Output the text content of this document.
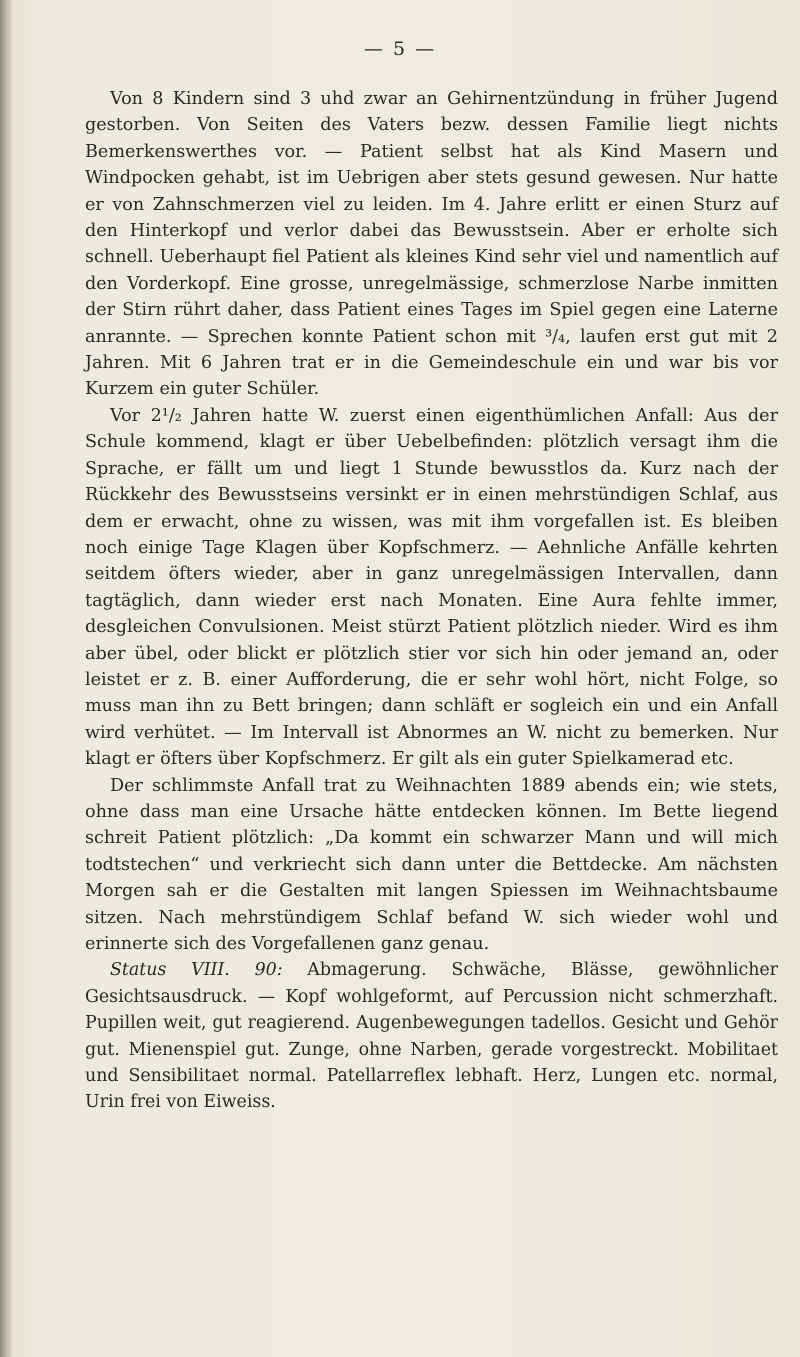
— 5 —

Von 8 Kindern sind 3 uhd zwar an Gehirnentzündung in früher Jugend gestorben. Von Seiten des Vaters bezw. dessen Familie liegt nichts Bemerkenswerthes vor. — Patient selbst hat als Kind Masern und Windpocken gehabt, ist im Uebrigen aber stets gesund gewesen. Nur hatte er von Zahnschmerzen viel zu leiden. Im 4. Jahre erlitt er einen Sturz auf den Hinterkopf und verlor dabei das Bewusstsein. Aber er erholte sich schnell. Ueberhaupt fiel Patient als kleines Kind sehr viel und namentlich auf den Vorderkopf. Eine grosse, unregelmässige, schmerzlose Narbe inmitten der Stirn rührt daher, dass Patient eines Tages im Spiel gegen eine Laterne anrannte. — Sprechen konnte Patient schon mit ³/₄, laufen erst gut mit 2 Jahren. Mit 6 Jahren trat er in die Gemeindeschule ein und war bis vor Kurzem ein guter Schüler.

Vor 2¹/₂ Jahren hatte W. zuerst einen eigenthümlichen Anfall: Aus der Schule kommend, klagt er über Uebelbefinden: plötzlich versagt ihm die Sprache, er fällt um und liegt 1 Stunde bewusstlos da. Kurz nach der Rückkehr des Bewusstseins versinkt er in einen mehrstündigen Schlaf, aus dem er erwacht, ohne zu wissen, was mit ihm vorgefallen ist. Es bleiben noch einige Tage Klagen über Kopfschmerz. — Aehnliche Anfälle kehrten seitdem öfters wieder, aber in ganz unregelmässigen Intervallen, dann tagtäglich, dann wieder erst nach Monaten. Eine Aura fehlte immer, desgleichen Convulsionen. Meist stürzt Patient plötzlich nieder. Wird es ihm aber übel, oder blickt er plötzlich stier vor sich hin oder jemand an, oder leistet er z. B. einer Aufforderung, die er sehr wohl hört, nicht Folge, so muss man ihn zu Bett bringen; dann schläft er sogleich ein und ein Anfall wird verhütet. — Im Intervall ist Abnormes an W. nicht zu bemerken. Nur klagt er öfters über Kopfschmerz. Er gilt als ein guter Spielkamerad etc.

Der schlimmste Anfall trat zu Weihnachten 1889 abends ein; wie stets, ohne dass man eine Ursache hätte entdecken können. Im Bette liegend schreit Patient plötzlich: „Da kommt ein schwarzer Mann und will mich todtstechen“ und verkriecht sich dann unter die Bettdecke. Am nächsten Morgen sah er die Gestalten mit langen Spiessen im Weihnachtsbaume sitzen. Nach mehrstündigem Schlaf befand W. sich wieder wohl und erinnerte sich des Vorgefallenen ganz genau.

Status VIII. 90: Abmagerung. Schwäche, Blässe, gewöhnlicher Gesichtsausdruck. — Kopf wohlgeformt, auf Percussion nicht schmerzhaft. Pupillen weit, gut reagierend. Augenbewegungen tadellos. Gesicht und Gehör gut. Mienenspiel gut. Zunge, ohne Narben, gerade vorgestreckt. Mobilitaet und Sensibilitaet normal. Patellarreflex lebhaft. Herz, Lungen etc. normal, Urin frei von Eiweiss.
